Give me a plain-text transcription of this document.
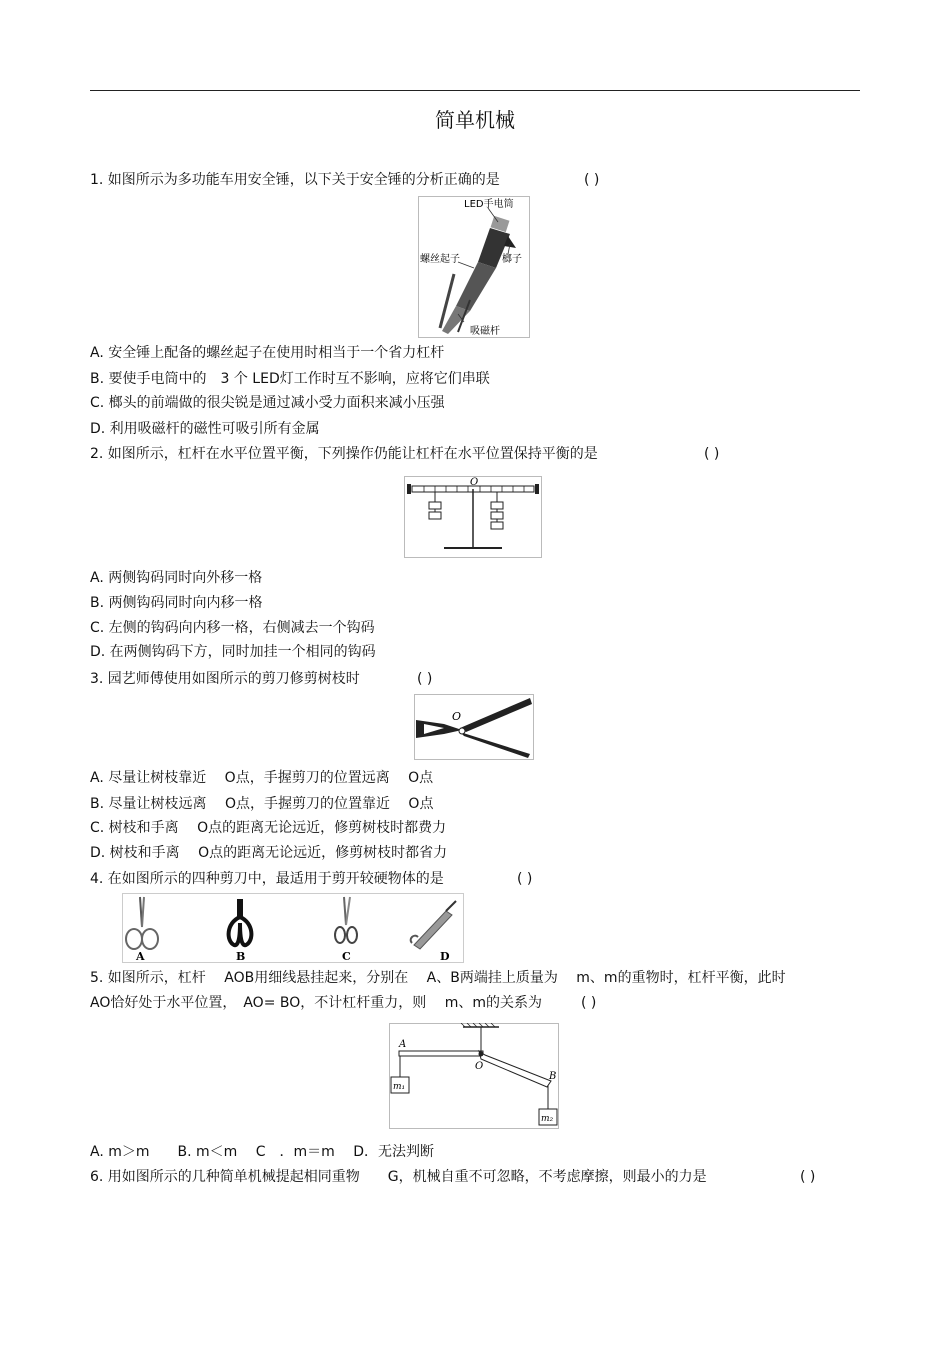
简单机械
1. 如图所示为多功能车用安全锤，以下关于安全锤的分析正确的是	( )
LED手电筒
螺丝起子	榔子
吸磁杆
A. 安全锤上配备的螺丝起子在使用时相当于一个省力杠杆
B. 要使手电筒中的　3 个 LED灯工作时互不影响，应将它们串联
C. 榔头的前端做的很尖锐是通过减小受力面积来减小压强
D. 利用吸磁杆的磁性可吸引所有金属
2. 如图所示，杠杆在水平位置平衡，下列操作仍能让杠杆在水平位置保持平衡的是	( )
O
A. 两侧钩码同时向外移一格
B. 两侧钩码同时向内移一格
C. 左侧的钩码向内移一格，右侧减去一个钩码
D. 在两侧钩码下方，同时加挂一个相同的钩码
3. 园艺师傅使用如图所示的剪刀修剪树枝时	( )
O
A. 尽量让树枝靠近　 O点，手握剪刀的位置远离　 O点
B. 尽量让树枝远离　 O点，手握剪刀的位置靠近　 O点
C. 树枝和手离　 O点的距离无论远近，修剪树枝时都费力
D. 树枝和手离　 O点的距离无论远近，修剪树枝时都省力
4. 在如图所示的四种剪刀中，最适用于剪开较硬物体的是	( )
A	B	C	D
5. 如图所示，杠杆　 AOB用细线悬挂起来，分别在　 A、B两端挂上质量为　 m、m的重物时，杠杆平衡，此时
AO恰好处于水平位置，　AO= BO，不计杠杆重力，则　 m、m的关系为	( )
A
O
B
m₁
m₂
A. m＞m　　B. m＜m　 C　．m＝m　 D．无法判断
6. 用如图所示的几种简单机械提起相同重物　　G，机械自重不可忽略，不考虑摩擦，则最小的力是	( )
